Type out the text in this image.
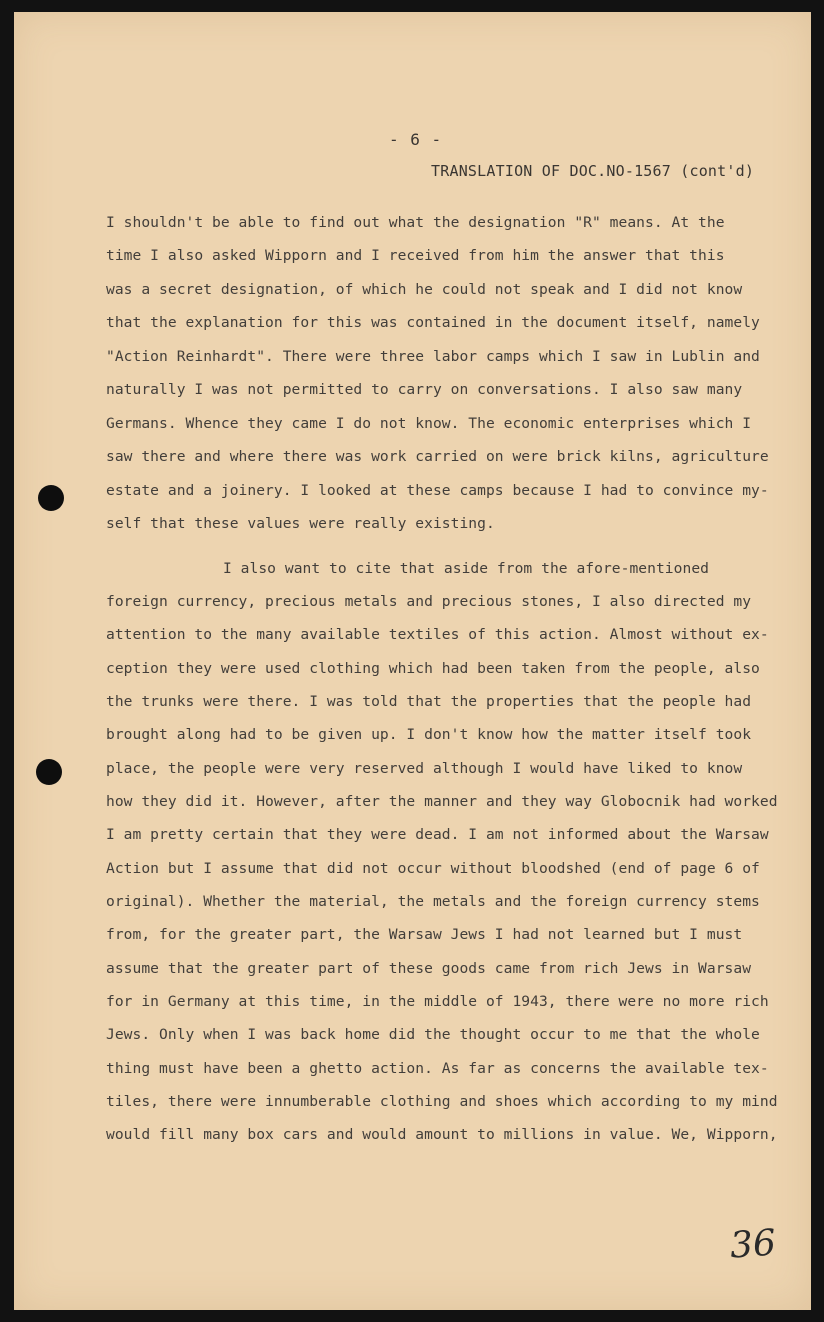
- 6 -
TRANSLATION OF DOC.NO-1567 (cont'd)
I shouldn't be able to find out what the designation "R" means. At the
time I also asked Wipporn and I received from him the answer that this
was a secret designation, of which he could not speak and I did not know
that the explanation for this was contained in the document itself, namely
"Action Reinhardt". There were three labor camps which I saw in Lublin and
naturally I was not permitted to carry on conversations. I also saw many
Germans. Whence they came I do not know. The economic enterprises which I
saw there and where there was work carried on were brick kilns, agriculture
estate and a joinery. I looked at these camps because I had to convince my-
self that these values were really existing.
I also want to cite that aside from the afore-mentioned
foreign currency, precious metals and precious stones, I also directed my
attention to the many available textiles of this action. Almost without ex-
ception they were used clothing which had been taken from the people, also
the trunks were there. I was told that the properties that the people had
brought along had to be given up. I don't know how the matter itself took
place, the people were very reserved although I would have liked to know
how they did it. However, after the manner and they way Globocnik had worked
I am pretty certain that they were dead. I am not informed about the Warsaw
Action but I assume that did not occur without bloodshed (end of page 6 of
original). Whether the material, the metals and the foreign currency stems
from, for the greater part, the Warsaw Jews I had not learned but I must
assume that the greater part of these goods came from rich Jews in Warsaw
for in Germany at this time, in the middle of 1943, there were no more rich
Jews. Only when I was back home did the thought occur to me that the whole
thing must have been a ghetto action. As far as concerns the available tex-
tiles, there were innumberable clothing and shoes which according to my mind
would fill many box cars and would amount to millions in value. We, Wipporn,
36
